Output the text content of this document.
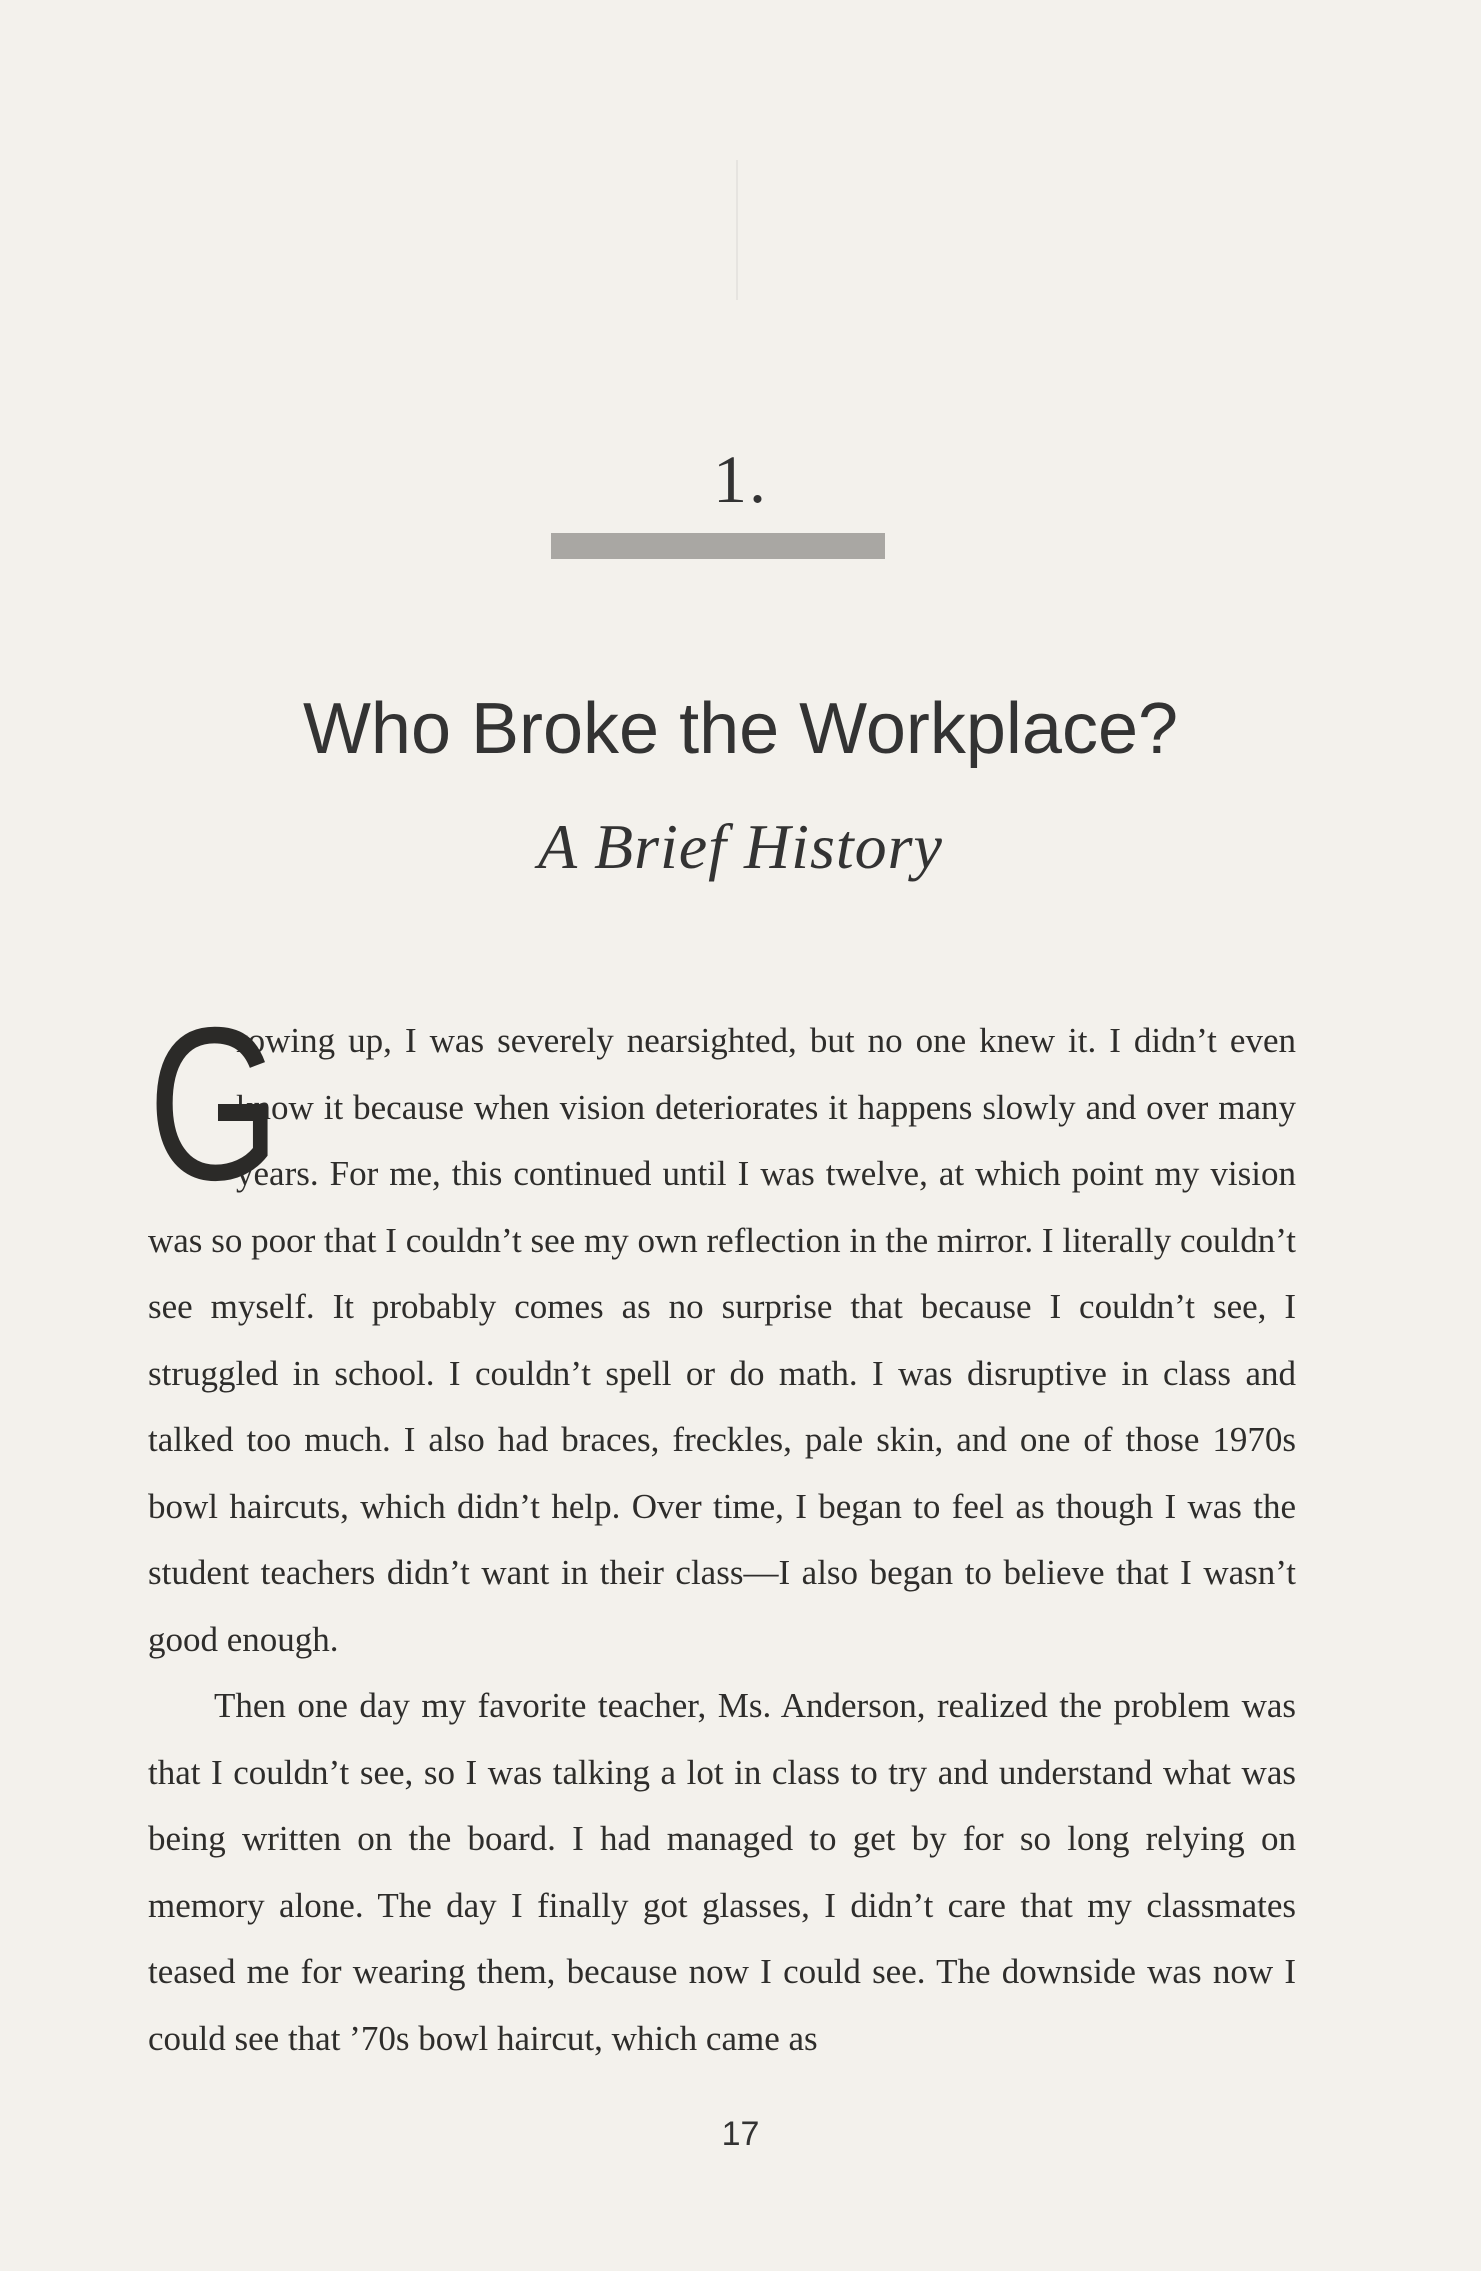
1.
Who Broke the Workplace?
A Brief History

G
rowing up, I was severely nearsighted, but no one knew it. I didn’t even know it because when vision deteriorates it happens slowly and over many years. For me, this continued until I was twelve, at which point my vision was so poor that I couldn’t see my own reflection in the mirror. I literally couldn’t see myself. It probably comes as no surprise that because I couldn’t see, I struggled in school. I couldn’t spell or do math. I was disruptive in class and talked too much. I also had braces, freckles, pale skin, and one of those 1970s bowl haircuts, which didn’t help. Over time, I began to feel as though I was the student teachers didn’t want in their class—I also began to believe that I wasn’t good enough.

Then one day my favorite teacher, Ms. Anderson, realized the problem was that I couldn’t see, so I was talking a lot in class to try and understand what was being written on the board. I had managed to get by for so long relying on memory alone. The day I finally got glasses, I didn’t care that my classmates teased me for wearing them, because now I could see. The downside was now I could see that ’70s bowl haircut, which came as

17
